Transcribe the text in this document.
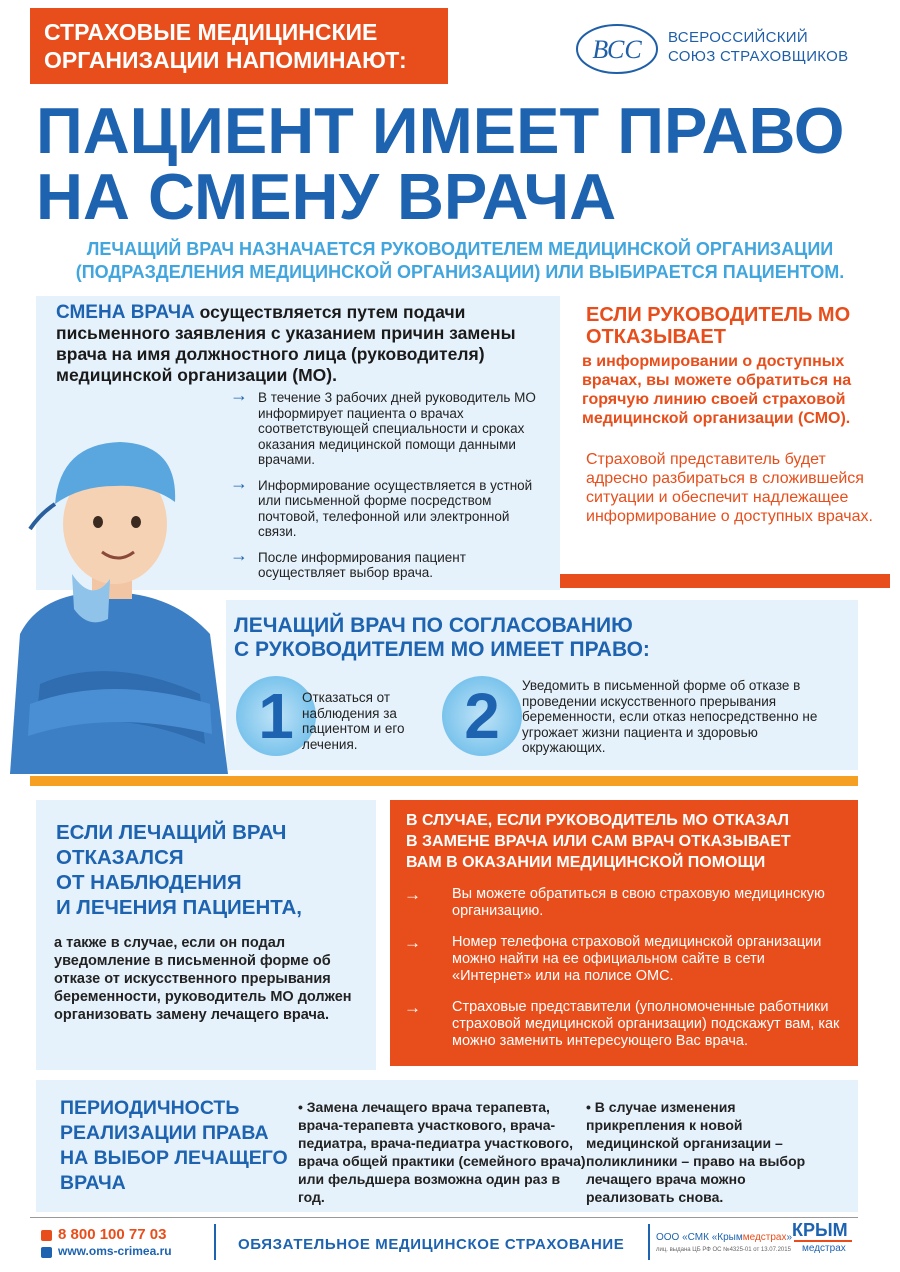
СТРАХОВЫЕ МЕДИЦИНСКИЕ ОРГАНИЗАЦИИ НАПОМИНАЮТ:	ВСС ВСЕРОССИЙСКИЙ
СОЮЗ СТРАХОВЩИКОВ
ПАЦИЕНТ ИМЕЕТ ПРАВО
НА СМЕНУ ВРАЧА
ЛЕЧАЩИЙ ВРАЧ НАЗНАЧАЕТСЯ РУКОВОДИТЕЛЕМ МЕДИЦИНСКОЙ ОРГАНИЗАЦИИ
(ПОДРАЗДЕЛЕНИЯ МЕДИЦИНСКОЙ ОРГАНИЗАЦИИ) ИЛИ ВЫБИРАЕТСЯ ПАЦИЕНТОМ.
СМЕНА ВРАЧА осуществляется путем подачи письменного заявления с указанием причин замены врача на имя должностного лица (руководителя) медицинской организации (МО).
→ В течение 3 рабочих дней руководитель МО информирует пациента о врачах соответствующей специальности и сроках оказания медицинской помощи данными врачами.
→ Информирование осуществляется в устной или письменной форме посредством почтовой, телефонной или электронной связи.
→ После информирования пациент осуществляет выбор врача.
ЕСЛИ РУКОВОДИТЕЛЬ МО ОТКАЗЫВАЕТ
в информировании о доступных врачах, вы можете обратиться на горячую линию своей страховой медицинской организации (СМО).
Страховой представитель будет адресно разбираться в сложившейся ситуации и обеспечит надлежащее информирование о доступных врачах.
ЛЕЧАЩИЙ ВРАЧ ПО СОГЛАСОВАНИЮ
С РУКОВОДИТЕЛЕМ МО ИМЕЕТ ПРАВО:
1 Отказаться от наблюдения за пациентом и его лечения.	2	Уведомить в письменной форме об отказе в проведении искусственного прерывания беременности, если отказ непосредственно не угрожает жизни пациента и здоровью окружающих.
ЕСЛИ ЛЕЧАЩИЙ ВРАЧ
ОТКАЗАЛСЯ
ОТ НАБЛЮДЕНИЯ
И ЛЕЧЕНИЯ ПАЦИЕНТА,
а также в случае, если он подал уведомление в письменной форме об отказе от искусственного прерывания беременности, руководитель МО должен организовать замену лечащего врача.
В СЛУЧАЕ, ЕСЛИ РУКОВОДИТЕЛЬ МО ОТКАЗАЛ
В ЗАМЕНЕ ВРАЧА ИЛИ САМ ВРАЧ ОТКАЗЫВАЕТ
ВАМ В ОКАЗАНИИ МЕДИЦИНСКОЙ ПОМОЩИ
→ Вы можете обратиться в свою страховую медицинскую организацию.
→ Номер телефона страховой медицинской организации можно найти на ее официальном сайте в сети «Интернет» или на полисе ОМС.
→ Страховые представители (уполномоченные работники страховой медицинской организации) подскажут вам, как можно заменить интересующего Вас врача.
ПЕРИОДИЧНОСТЬ
РЕАЛИЗАЦИИ ПРАВА
НА ВЫБОР ЛЕЧАЩЕГО
ВРАЧА
• Замена лечащего врача терапевта, врача-терапевта участкового, врача-педиатра, врача-педиатра участкового, врача общей практики (семейного врача) или фельдшера возможна один раз в год.
• В случае изменения прикрепления к новой медицинской организации – поликлиники – право на выбор лечащего врача можно реализовать снова.
8 800 100 77 03
www.oms-crimea.ru	ОБЯЗАТЕЛЬНОЕ МЕДИЦИНСКОЕ СТРАХОВАНИЕ	ООО «СМК «Крыммедстрах»
лиц. выдана ЦБ РФ ОС №4325-01 от 13.07.2015
КРЫМ
медстрах
